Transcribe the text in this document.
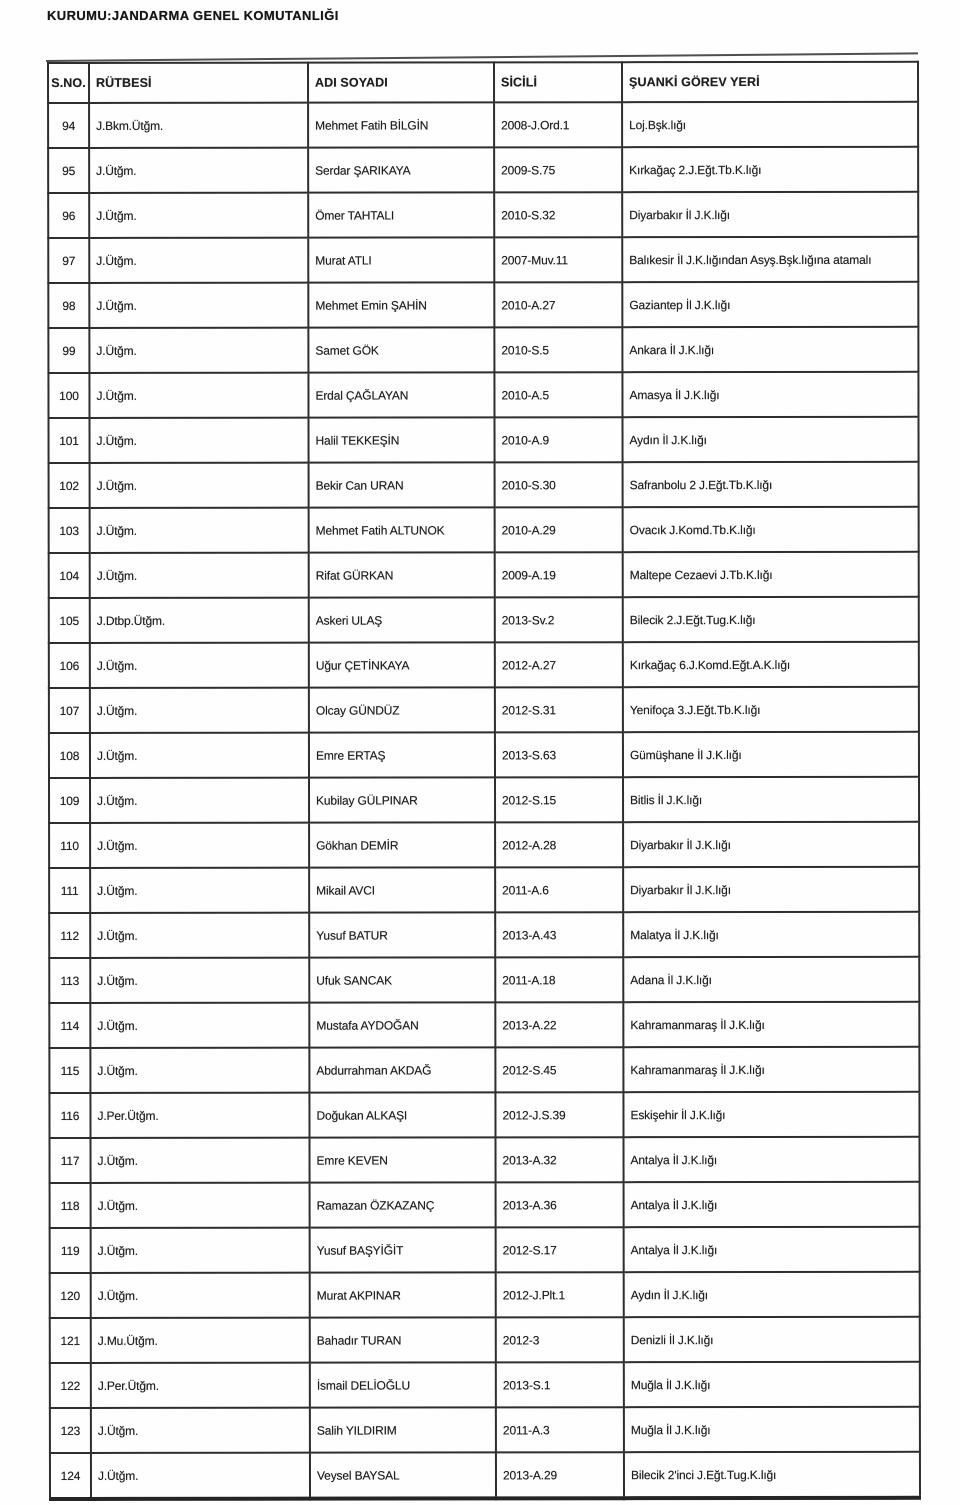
KURUMU:JANDARMA GENEL KOMUTANLIĞI
S.NO.	RÜTBESİ	ADI SOYADI	SİCİLİ	ŞUANKİ GÖREV YERİ
94	J.Bkm.Ütğm.	Mehmet Fatih BİLGİN	2008-J.Ord.1	Loj.Bşk.lığı
95	J.Ütğm.	Serdar ŞARIKAYA	2009-S.75	Kırkağaç 2.J.Eğt.Tb.K.lığı
96	J.Ütğm.	Ömer TAHTALI	2010-S.32	Diyarbakır İl J.K.lığı
97	J.Ütğm.	Murat ATLI	2007-Muv.11	Balıkesir İl J.K.lığından Asyş.Bşk.lığına atamalı
98	J.Ütğm.	Mehmet Emin ŞAHİN	2010-A.27	Gaziantep İl J.K.lığı
99	J.Ütğm.	Samet GÖK	2010-S.5	Ankara İl J.K.lığı
100	J.Ütğm.	Erdal ÇAĞLAYAN	2010-A.5	Amasya İl J.K.lığı
101	J.Ütğm.	Halil TEKKEŞİN	2010-A.9	Aydın İl J.K.lığı
102	J.Ütğm.	Bekir Can URAN	2010-S.30	Safranbolu 2 J.Eğt.Tb.K.lığı
103	J.Ütğm.	Mehmet Fatih ALTUNOK	2010-A.29	Ovacık J.Komd.Tb.K.lığı
104	J.Ütğm.	Rifat GÜRKAN	2009-A.19	Maltepe Cezaevi J.Tb.K.lığı
105	J.Dtbp.Ütğm.	Askeri ULAŞ	2013-Sv.2	Bilecik 2.J.Eğt.Tug.K.lığı
106	J.Ütğm.	Uğur ÇETİNKAYA	2012-A.27	Kırkağaç 6.J.Komd.Eğt.A.K.lığı
107	J.Ütğm.	Olcay GÜNDÜZ	2012-S.31	Yenifoça 3.J.Eğt.Tb.K.lığı
108	J.Ütğm.	Emre ERTAŞ	2013-S.63	Gümüşhane İl J.K.lığı
109	J.Ütğm.	Kubilay GÜLPINAR	2012-S.15	Bitlis İl J.K.lığı
110	J.Ütğm.	Gökhan DEMİR	2012-A.28	Diyarbakır İl J.K.lığı
111	J.Ütğm.	Mikail AVCI	2011-A.6	Diyarbakır İl J.K.lığı
112	J.Ütğm.	Yusuf BATUR	2013-A.43	Malatya İl J.K.lığı
113	J.Ütğm.	Ufuk SANCAK	2011-A.18	Adana İl J.K.lığı
114	J.Ütğm.	Mustafa AYDOĞAN	2013-A.22	Kahramanmaraş İl J.K.lığı
115	J.Ütğm.	Abdurrahman AKDAĞ	2012-S.45	Kahramanmaraş İl J.K.lığı
116	J.Per.Ütğm.	Doğukan ALKAŞI	2012-J.S.39	Eskişehir İl J.K.lığı
117	J.Ütğm.	Emre KEVEN	2013-A.32	Antalya İl J.K.lığı
118	J.Ütğm.	Ramazan ÖZKAZANÇ	2013-A.36	Antalya İl J.K.lığı
119	J.Ütğm.	Yusuf BAŞYİĞİT	2012-S.17	Antalya İl J.K.lığı
120	J.Ütğm.	Murat AKPINAR	2012-J.Plt.1	Aydın İl J.K.lığı
121	J.Mu.Ütğm.	Bahadır TURAN	2012-3	Denizli İl J.K.lığı
122	J.Per.Ütğm.	İsmail DELİOĞLU	2013-S.1	Muğla İl J.K.lığı
123	J.Ütğm.	Salih YILDIRIM	2011-A.3	Muğla İl J.K.lığı
124	J.Ütğm.	Veysel BAYSAL	2013-A.29	Bilecik 2'inci J.Eğt.Tug.K.lığı
